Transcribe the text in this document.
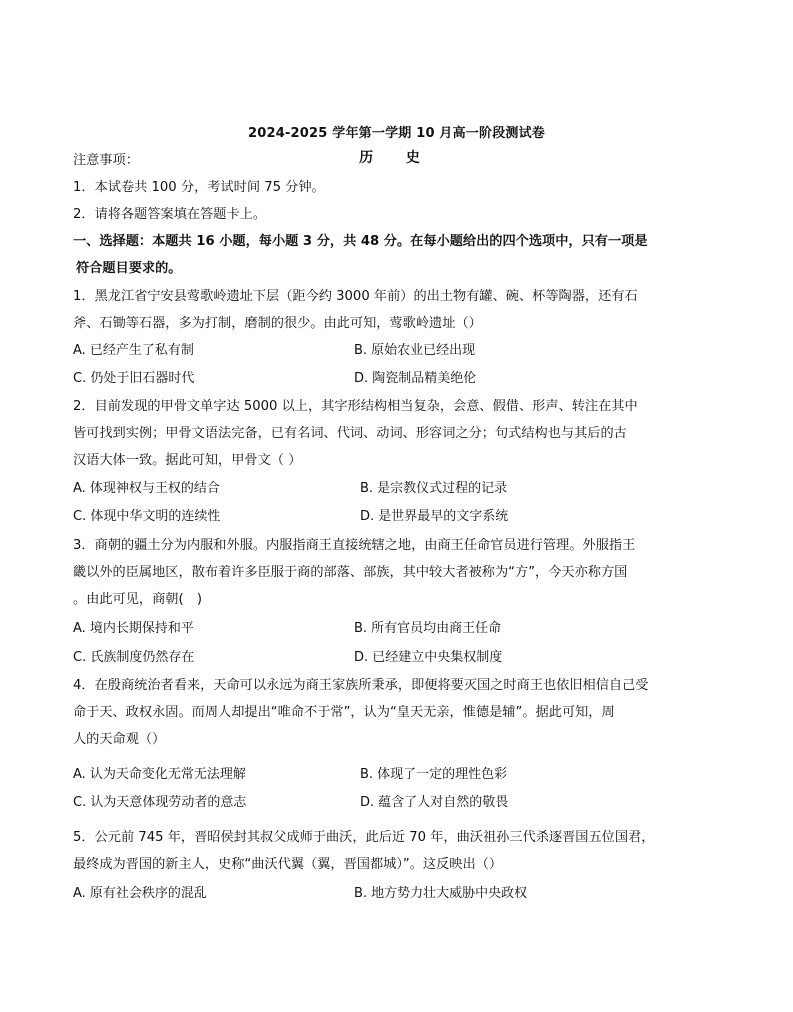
2024-2025 学年第一学期 10 月高一阶段测试卷
历 史
注意事项：
1．本试卷共 100 分，考试时间 75 分钟。
2．请将各题答案填在答题卡上。
一、选择题：本题共 16 小题，每小题 3 分，共 48 分。在每小题给出的四个选项中，只有一项是
符合题目要求的。
1．黑龙江省宁安县莺歌岭遗址下层（距今约 3000 年前）的出土物有罐、碗、杯等陶器，还有石
斧、石锄等石器，多为打制，磨制的很少。由此可知，莺歌岭遗址（）
A. 已经产生了私有制	B. 原始农业已经出现
C. 仍处于旧石器时代	D. 陶瓷制品精美绝伦
2．目前发现的甲骨文单字达 5000 以上，其字形结构相当复杂，会意、假借、形声、转注在其中
皆可找到实例；甲骨文语法完备，已有名词、代词、动词、形容词之分；句式结构也与其后的古
汉语大体一致。据此可知，甲骨文（ ）
A. 体现神权与王权的结合	B. 是宗教仪式过程的记录
C. 体现中华文明的连续性	D. 是世界最早的文字系统
3．商朝的疆土分为内服和外服。内服指商王直接统辖之地，由商王任命官员进行管理。外服指王
畿以外的臣属地区，散布着许多臣服于商的部落、部族，其中较大者被称为“方”，今天亦称方国
。由此可见，商朝(　)
A. 境内长期保持和平	B. 所有官员均由商王任命
C. 氏族制度仍然存在	D. 已经建立中央集权制度
4．在殷商统治者看来，天命可以永远为商王家族所秉承，即便将要灭国之时商王也依旧相信自己受
命于天、政权永固。而周人却提出“唯命不于常”，认为“皇天无亲，惟德是辅”。据此可知，周
人的天命观（）
A. 认为天命变化无常无法理解	B. 体现了一定的理性色彩
C. 认为天意体现劳动者的意志	D. 蕴含了人对自然的敬畏
5．公元前 745 年，晋昭侯封其叔父成师于曲沃，此后近 70 年，曲沃祖孙三代杀逐晋国五位国君，
最终成为晋国的新主人，史称“曲沃代翼（翼，晋国都城）”。这反映出（）
A. 原有社会秩序的混乱	B. 地方势力壮大威胁中央政权
